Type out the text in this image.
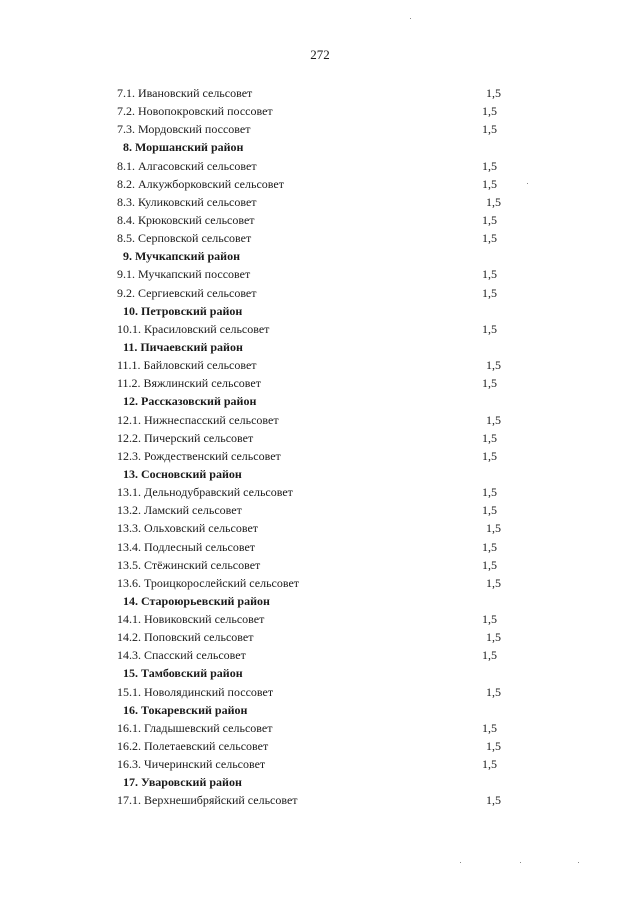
272
7.1. Ивановский сельсовет	1,5
7.2. Новопокровский поссовет	1,5
7.3. Мордовский поссовет	1,5
8. Моршанский район
8.1. Алгасовский сельсовет	1,5
8.2. Алкужборковский сельсовет	1,5
8.3. Куликовский сельсовет	1,5
8.4. Крюковский сельсовет	1,5
8.5. Серповской сельсовет	1,5
9. Мучкапский район
9.1. Мучкапский поссовет	1,5
9.2. Сергиевский сельсовет	1,5
10. Петровский район
10.1. Красиловский сельсовет	1,5
11. Пичаевский район
11.1. Байловский сельсовет	1,5
11.2. Вяжлинский сельсовет	1,5
12. Рассказовский район
12.1. Нижнеспасский сельсовет	1,5
12.2. Пичерский сельсовет	1,5
12.3. Рождественский сельсовет	1,5
13. Сосновский район
13.1. Дельнодубравский сельсовет	1,5
13.2. Ламский сельсовет	1,5
13.3. Ольховский сельсовет	1,5
13.4. Подлесный сельсовет	1,5
13.5. Стёжинский сельсовет	1,5
13.6. Троицкорослейский сельсовет	1,5
14. Староюрьевский район
14.1. Новиковский сельсовет	1,5
14.2. Поповский сельсовет	1,5
14.3. Спасский сельсовет	1,5
15. Тамбовский район
15.1. Новолядинский поссовет	1,5
16. Токаревский район
16.1. Гладышевский сельсовет	1,5
16.2. Полетаевский сельсовет	1,5
16.3. Чичеринский сельсовет	1,5
17. Уваровский район
17.1. Верхнешибряйский сельсовет	1,5
